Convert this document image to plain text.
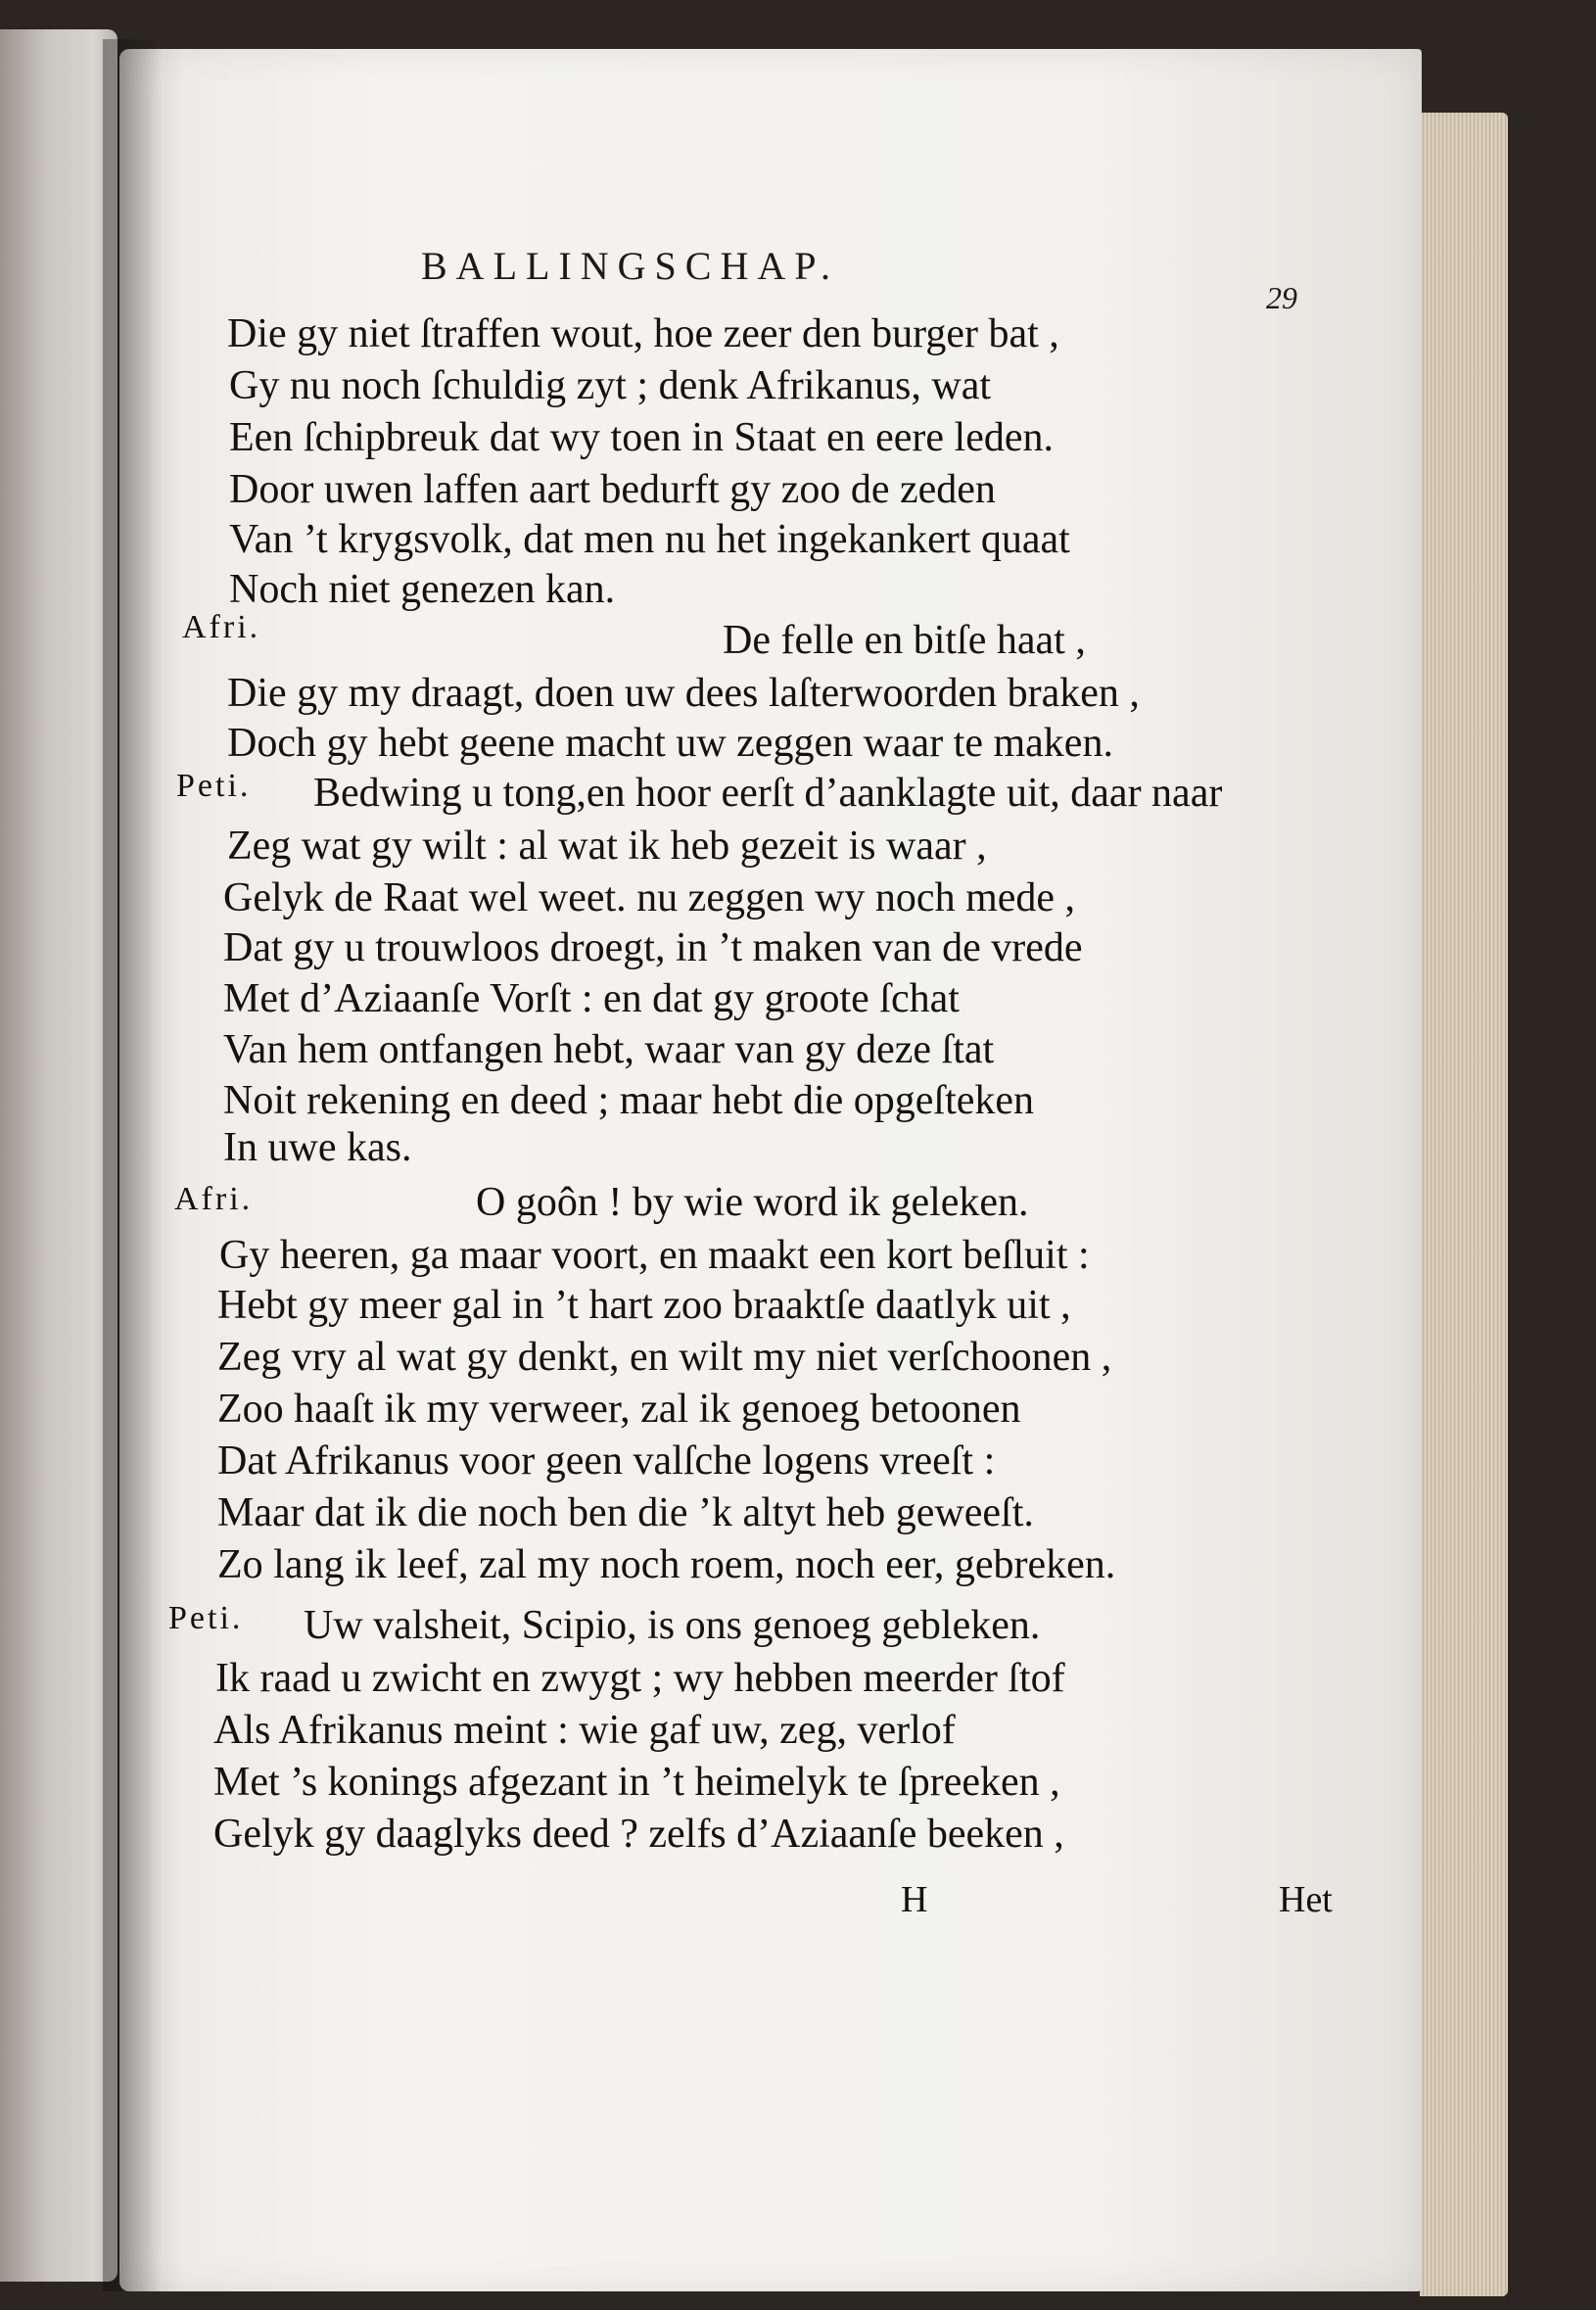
BALLINGSCHAP.
29
Die gy niet ſtraffen wout, hoe zeer den burger bat ,
Gy nu noch ſchuldig zyt ; denk Afrikanus, wat
Een ſchipbreuk dat wy toen in Staat en eere leden.
Door uwen laffen aart bedurft gy zoo de zeden
Van ’t krygsvolk, dat men nu het ingekankert quaat
Noch niet genezen kan.
Afri.	De felle en bitſe haat ,
Die gy my draagt, doen uw dees laſterwoorden braken ,
Doch gy hebt geene macht uw zeggen waar te maken.
Peti. Bedwing u tong,en hoor eerſt d’aanklagte uit, daar naar
Zeg wat gy wilt : al wat ik heb gezeit is waar ,
Gelyk de Raat wel weet. nu zeggen wy noch mede ,
Dat gy u trouwloos droegt, in ’t maken van de vrede
Met d’Aziaanſe Vorſt : en dat gy groote ſchat
Van hem ontfangen hebt, waar van gy deze ſtat
Noit rekening en deed ; maar hebt die opgeſteken
In uwe kas.
Afri.	O goôn ! by wie word ik geleken.
Gy heeren, ga maar voort, en maakt een kort beſluit :
Hebt gy meer gal in ’t hart zoo braaktſe daatlyk uit ,
Zeg vry al wat gy denkt, en wilt my niet verſchoonen ,
Zoo haaſt ik my verweer, zal ik genoeg betoonen
Dat Afrikanus voor geen valſche logens vreeſt :
Maar dat ik die noch ben die ’k altyt heb geweeſt.
Zo lang ik leef, zal my noch roem, noch eer, gebreken.
Peti. Uw valsheit, Scipio, is ons genoeg gebleken.
Ik raad u zwicht en zwygt ; wy hebben meerder ſtof
Als Afrikanus meint : wie gaf uw, zeg, verlof
Met ’s konings afgezant in ’t heimelyk te ſpreeken ,
Gelyk gy daaglyks deed ? zelfs d’Aziaanſe beeken ,
H	Het
